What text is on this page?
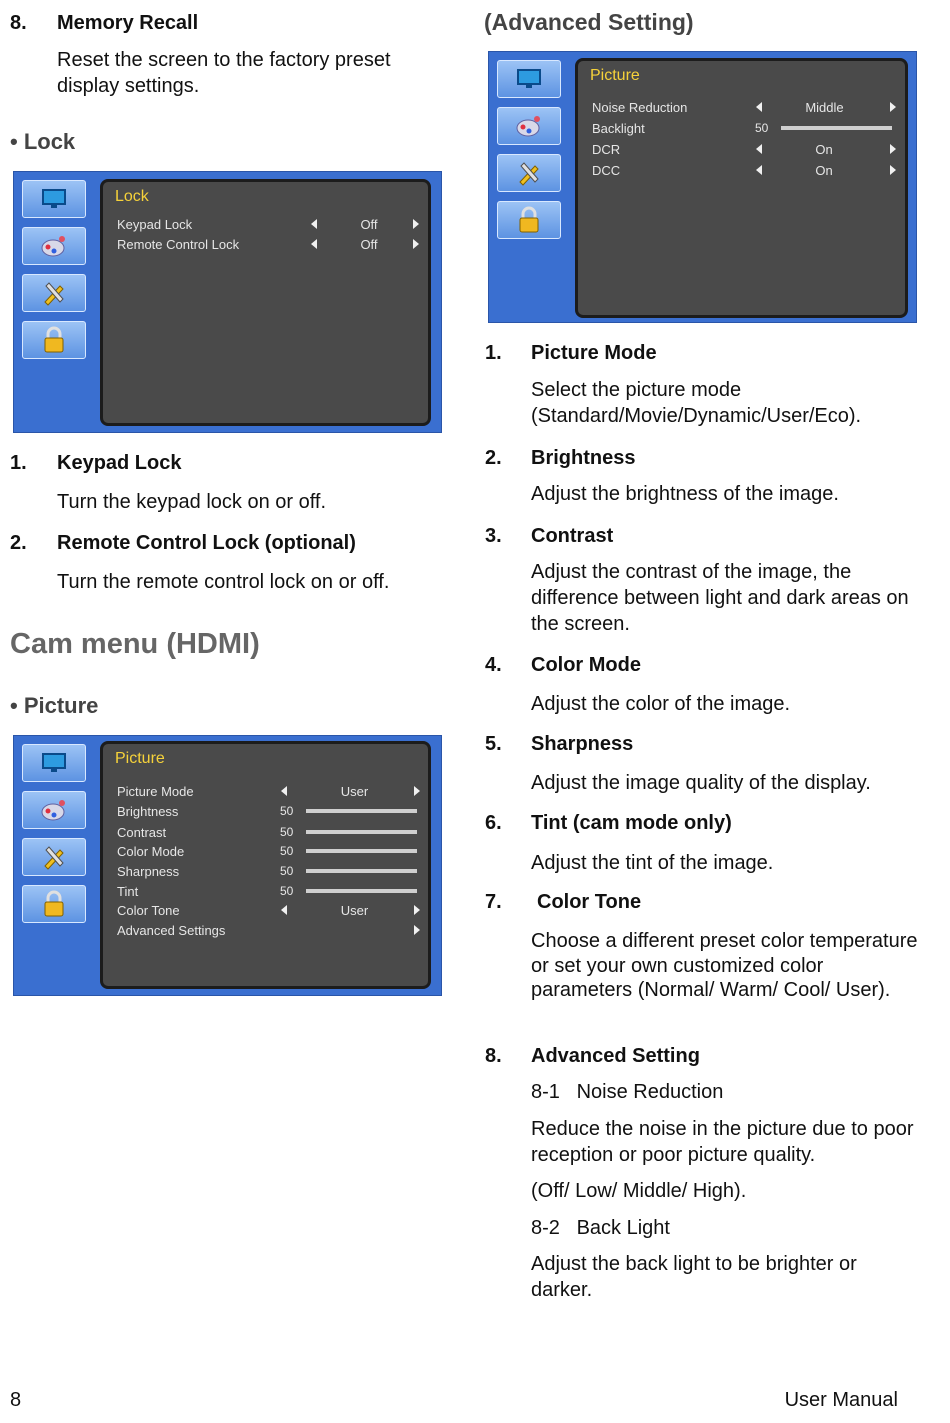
8. Memory Recall
Reset the screen to the factory preset display settings.
• Lock
Lock
Keypad Lock	Off
Remote Control Lock	Off
1. Keypad Lock
Turn the keypad lock on or off.
2. Remote Control Lock (optional)
Turn the remote control lock on or off.
Cam menu (HDMI)
• Picture
Picture
Picture Mode	User
Brightness	50
Contrast	50
Color Mode	50
Sharpness	50
Tint	50
Color Tone	User
Advanced Settings
(Advanced Setting)
Picture
Noise Reduction	Middle
Backlight	50
DCR	On
DCC	On
1. Picture Mode
Select the picture mode (Standard/Movie/Dynamic/User/Eco).
2. Brightness
Adjust the brightness of the image.
3. Contrast
Adjust the contrast of the image, the difference between light and dark areas on the screen.
4. Color Mode
Adjust the color of the image.
5. Sharpness
Adjust the image quality of the display.
6. Tint (cam mode only)
Adjust the tint of the image.
7. Color Tone
Choose a different preset color temperature or set your own customized color parameters (Normal/ Warm/ Cool/ User).
8. Advanced Setting
8-1   Noise Reduction
Reduce the noise in the picture due to poor reception or poor picture quality.
(Off/ Low/ Middle/ High).
8-2   Back Light
Adjust the back light to be brighter or darker.
8	User Manual
